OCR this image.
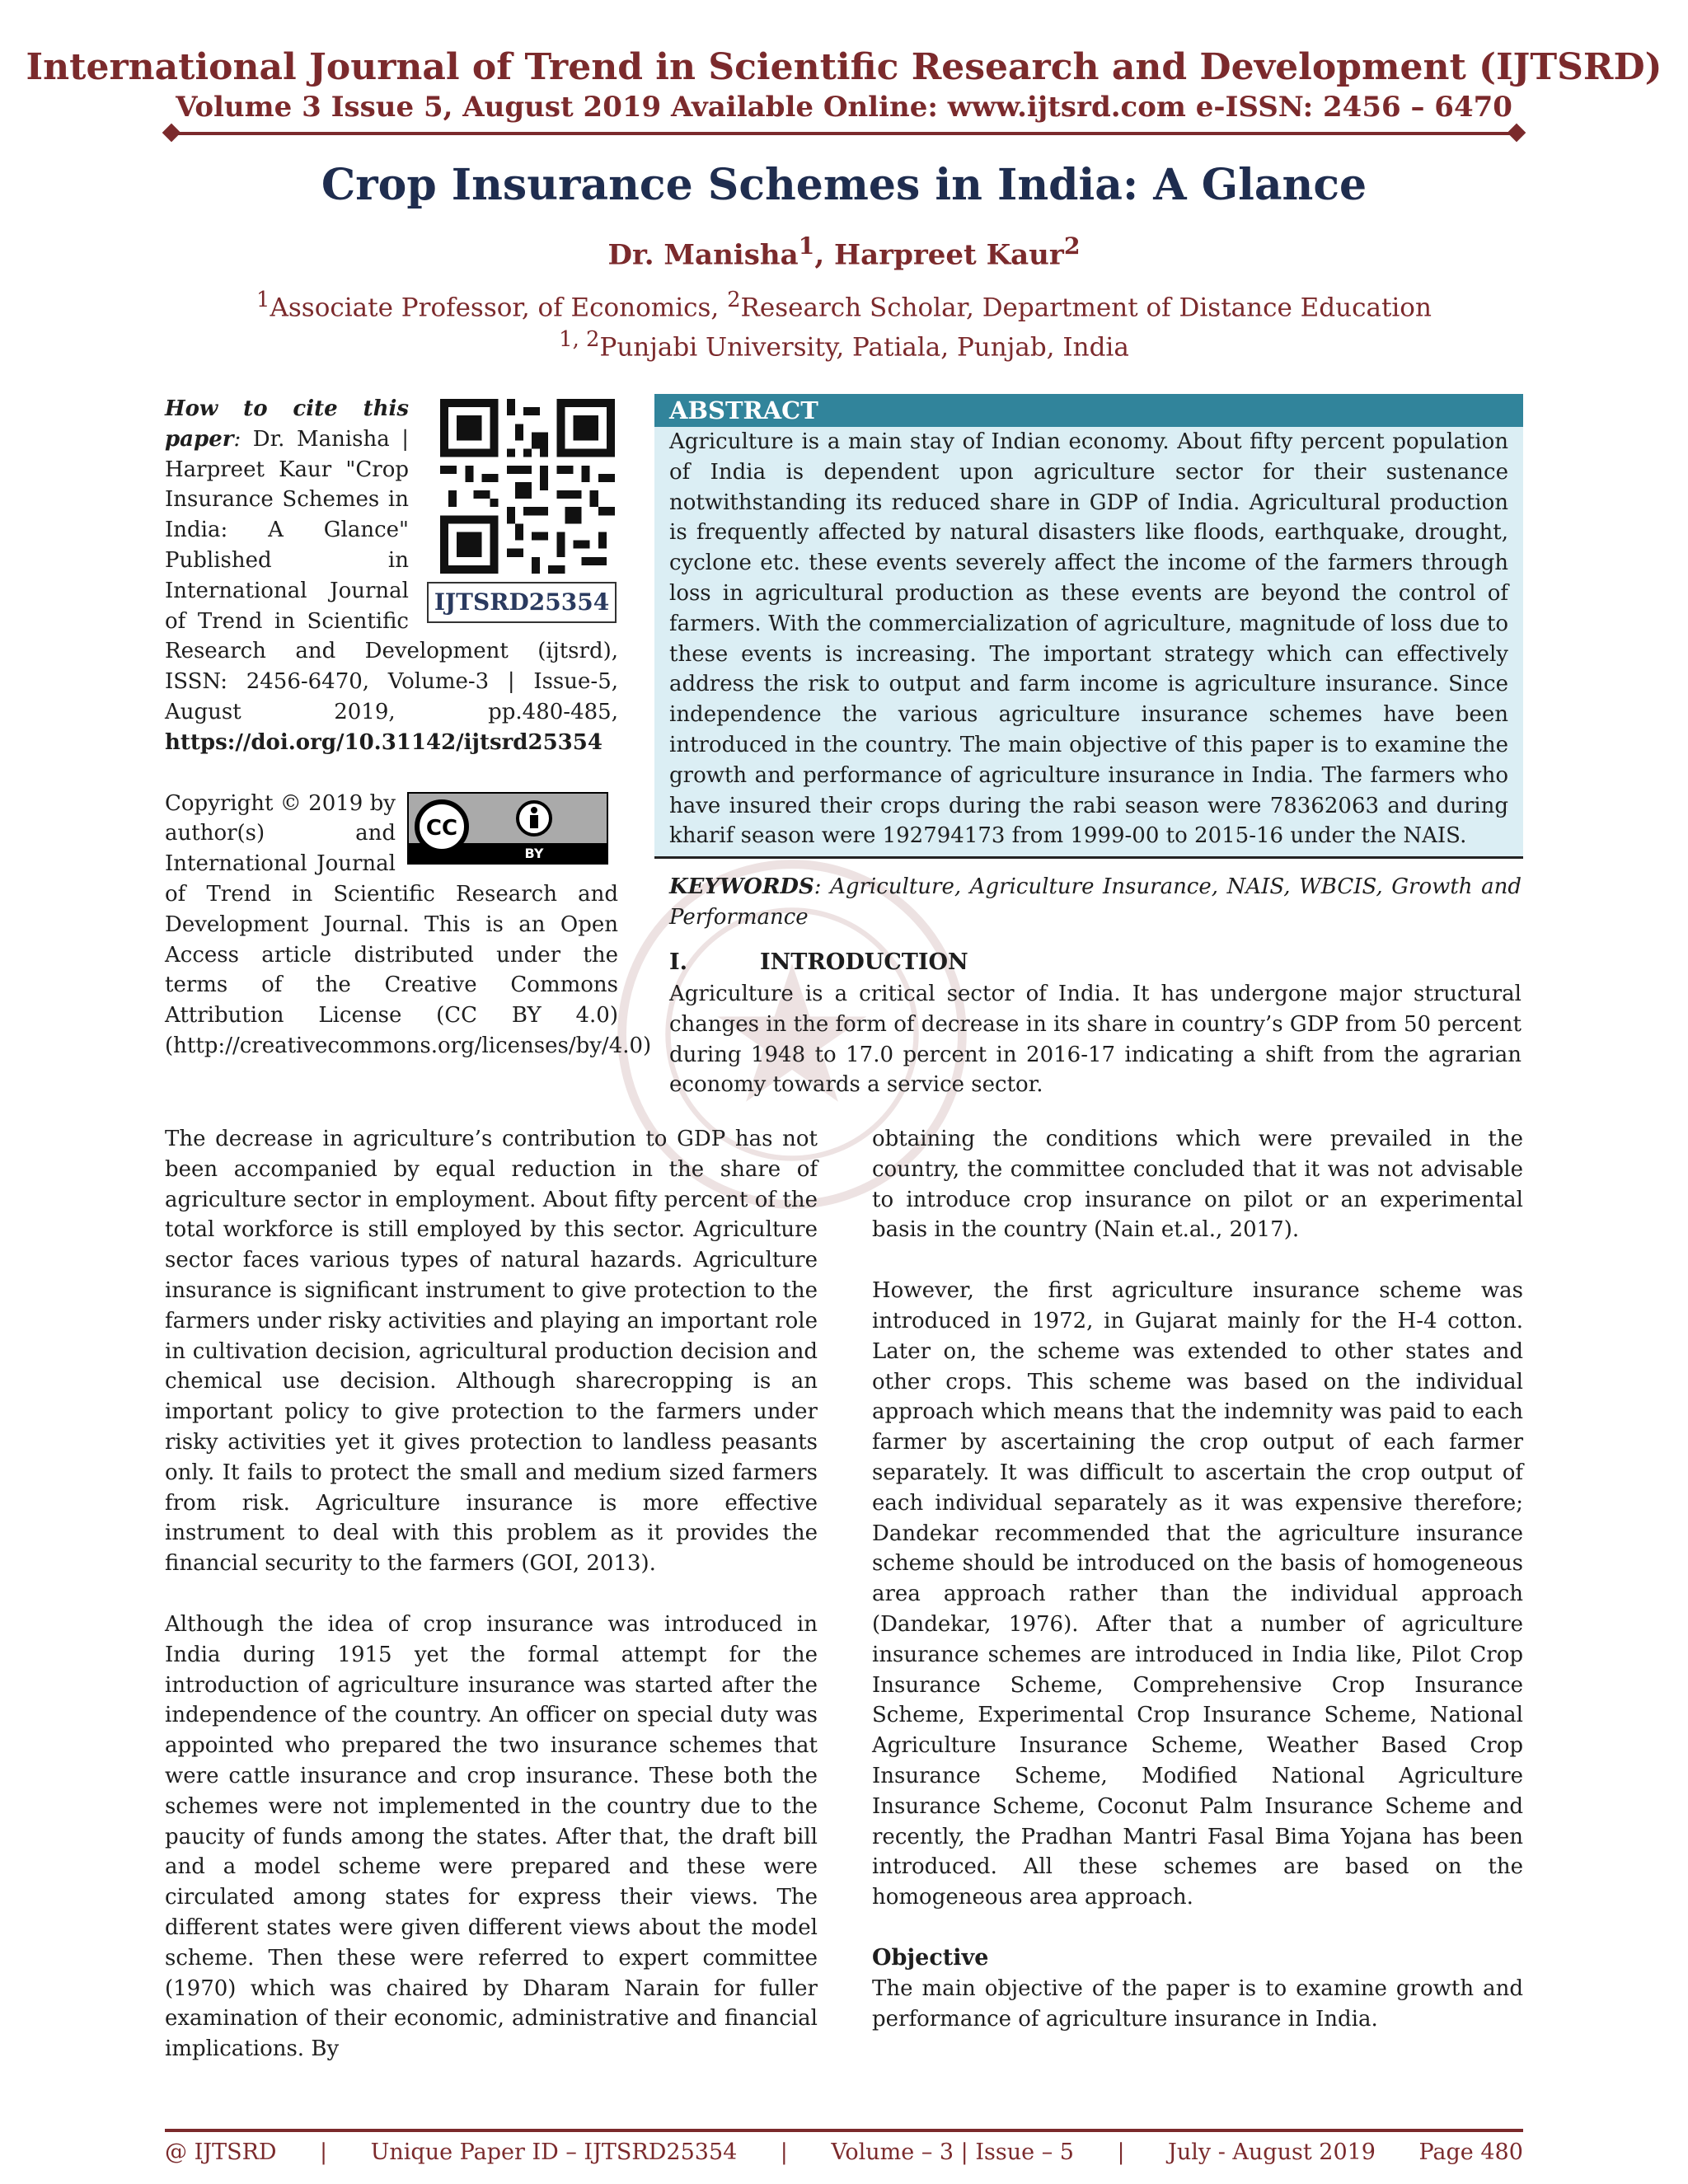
International Journal of Trend in Scientific Research and Development (IJTSRD)
Volume 3 Issue 5, August 2019 Available Online: www.ijtsrd.com e-ISSN: 2456 – 6470
Crop Insurance Schemes in India: A Glance
Dr. Manisha$^1$, Harpreet Kaur$^2$
$^1$Associate Professor, of Economics, $^2$Research Scholar, Department of Distance Education
$^{1, 2}$Punjabi University, Patiala, Punjab, India
IJTSRD25354

How to cite this paper: Dr. Manisha | Harpreet Kaur "Crop Insurance Schemes in India: A Glance" Published in International Journal of Trend in Scientific Research and Development (ijtsrd), ISSN: 2456-6470, Volume-3 | Issue-5, August 2019, pp.480-485, https://doi.org/10.31142/ijtsrd25354

CC
BY

Copyright © 2019 by author(s) and International Journal of Trend in Scientific Research and Development Journal. This is an Open Access article distributed under the terms of the Creative Commons Attribution License (CC BY 4.0) (http://creativecommons.org/licenses/by/4.0)

ABSTRACT

Agriculture is a main stay of Indian economy. About fifty percent population of India is dependent upon agriculture sector for their sustenance notwithstanding its reduced share in GDP of India. Agricultural production is frequently affected by natural disasters like floods, earthquake, drought, cyclone etc. these events severely affect the income of the farmers through loss in agricultural production as these events are beyond the control of farmers. With the commercialization of agriculture, magnitude of loss due to these events is increasing. The important strategy which can effectively address the risk to output and farm income is agriculture insurance. Since independence the various agriculture insurance schemes have been introduced in the country. The main objective of this paper is to examine the growth and performance of agriculture insurance in India. The farmers who have insured their crops during the rabi season were 78362063 and during kharif season were 192794173 from 1999-00 to 2015-16 under the NAIS.

KEYWORDS: Agriculture, Agriculture Insurance, NAIS, WBCIS, Growth and Performance
I.	INTRODUCTION

Agriculture is a critical sector of India. It has undergone major structural changes in the form of decrease in its share in country’s GDP from 50 percent during 1948 to 17.0 percent in 2016-17 indicating a shift from the agrarian economy towards a service sector.

The decrease in agriculture’s contribution to GDP has not been accompanied by equal reduction in the share of agriculture sector in employment. About fifty percent of the total workforce is still employed by this sector. Agriculture sector faces various types of natural hazards. Agriculture insurance is significant instrument to give protection to the farmers under risky activities and playing an important role in cultivation decision, agricultural production decision and chemical use decision. Although sharecropping is an important policy to give protection to the farmers under risky activities yet it gives protection to landless peasants only. It fails to protect the small and medium sized farmers from risk. Agriculture insurance is more effective instrument to deal with this problem as it provides the financial security to the farmers (GOI, 2013).

Although the idea of crop insurance was introduced in India during 1915 yet the formal attempt for the introduction of agriculture insurance was started after the independence of the country. An officer on special duty was appointed who prepared the two insurance schemes that were cattle insurance and crop insurance. These both the schemes were not implemented in the country due to the paucity of funds among the states. After that, the draft bill and a model scheme were prepared and these were circulated among states for express their views. The different states were given different views about the model scheme. Then these were referred to expert committee (1970) which was chaired by Dharam Narain for fuller examination of their economic, administrative and financial implications. By

obtaining the conditions which were prevailed in the country, the committee concluded that it was not advisable to introduce crop insurance on pilot or an experimental basis in the country (Nain et.al., 2017).

However, the first agriculture insurance scheme was introduced in 1972, in Gujarat mainly for the H-4 cotton. Later on, the scheme was extended to other states and other crops. This scheme was based on the individual approach which means that the indemnity was paid to each farmer by ascertaining the crop output of each farmer separately. It was difficult to ascertain the crop output of each individual separately as it was expensive therefore; Dandekar recommended that the agriculture insurance scheme should be introduced on the basis of homogeneous area approach rather than the individual approach (Dandekar, 1976). After that a number of agriculture insurance schemes are introduced in India like, Pilot Crop Insurance Scheme, Comprehensive Crop Insurance Scheme, Experimental Crop Insurance Scheme, National Agriculture Insurance Scheme, Weather Based Crop Insurance Scheme, Modified National Agriculture Insurance Scheme, Coconut Palm Insurance Scheme and recently, the Pradhan Mantri Fasal Bima Yojana has been introduced. All these schemes are based on the homogeneous area approach.

Objective

The main objective of the paper is to examine growth and performance of agriculture insurance in India.

@ IJTSRD | Unique Paper ID – IJTSRD25354 | Volume – 3 | Issue – 5 | July - August 2019 Page 480
